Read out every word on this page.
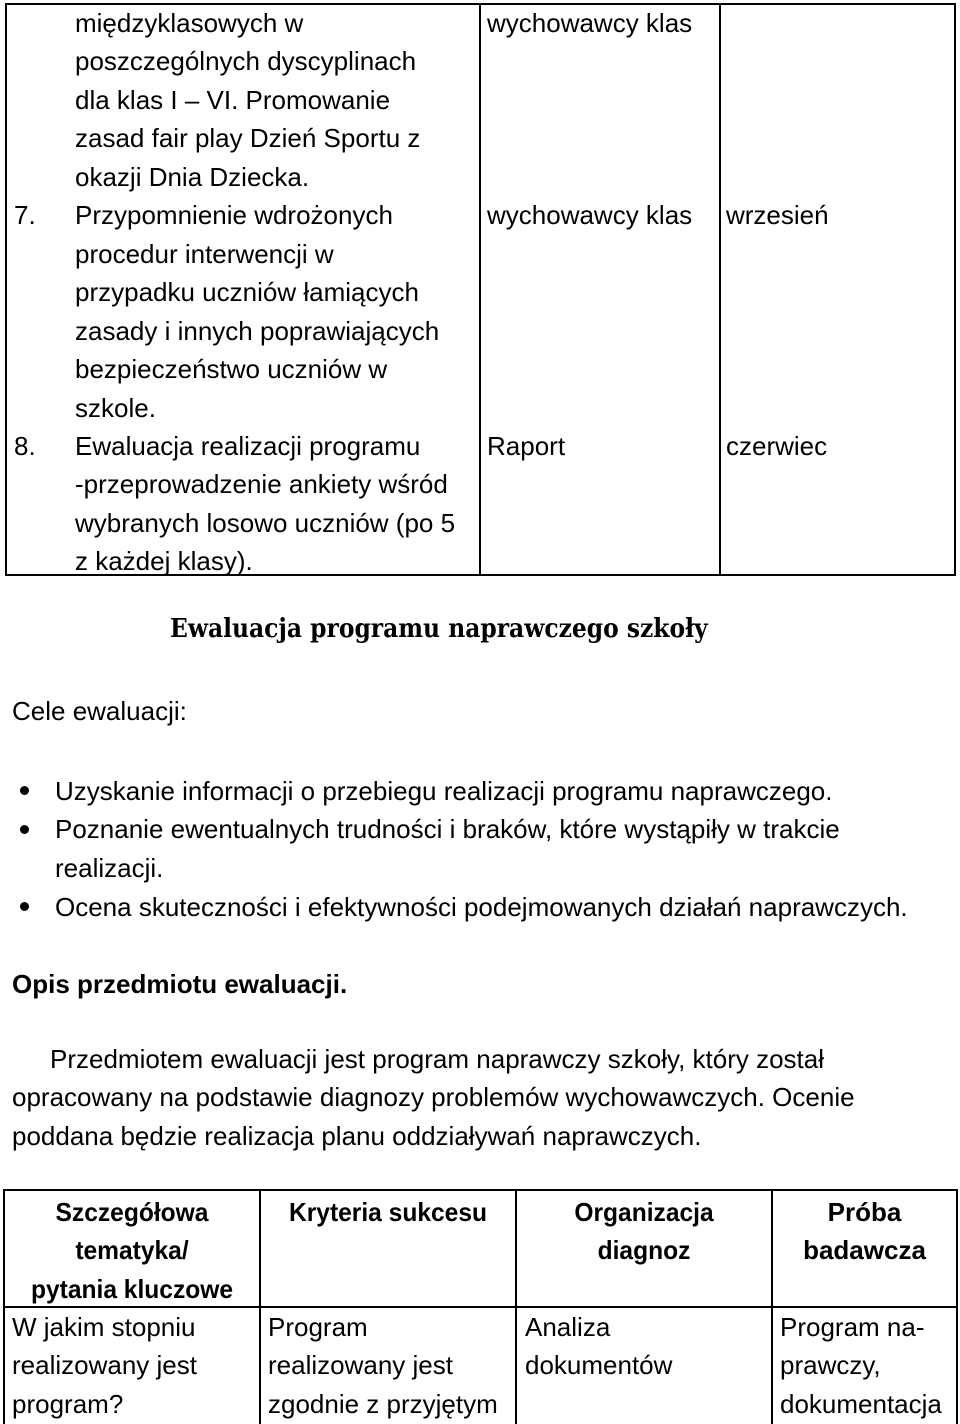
międzyklasowych w
poszczególnych dyscyplinach
dla klas I – VI. Promowanie
zasad fair play Dzień Sportu z
okazji Dnia Dziecka.
wychowawcy klas
7. Przypomnienie wdrożonych
procedur interwencji w
przypadku uczniów łamiących
zasady i innych poprawiających
bezpieczeństwo uczniów w
szkole.
wychowawcy klas wrzesień
8. Ewaluacja realizacji programu
-przeprowadzenie ankiety wśród
wybranych losowo uczniów (po 5
z każdej klasy).
Raport	czerwiec
Ewaluacja programu naprawczego szkoły
Cele ewaluacji:
Uzyskanie informacji o przebiegu realizacji programu naprawczego.
Poznanie ewentualnych trudności i braków, które wystąpiły w trakcie
realizacji.
Ocena skuteczności i efektywności podejmowanych działań naprawczych.
Opis przedmiotu ewaluacji.
Przedmiotem ewaluacji jest program naprawczy szkoły, który został
opracowany na podstawie diagnozy problemów wychowawczych. Ocenie
poddana będzie realizacja planu oddziaływań naprawczych.
Szczegółowa
tematyka/
pytania kluczowe
Kryteria sukcesu	Organizacja
diagnoz
Próba
badawcza
W jakim stopniu
realizowany jest
program?
Program
realizowany jest
zgodnie z przyjętym
Analiza
dokumentów
Program na-
prawczy,
dokumentacja
